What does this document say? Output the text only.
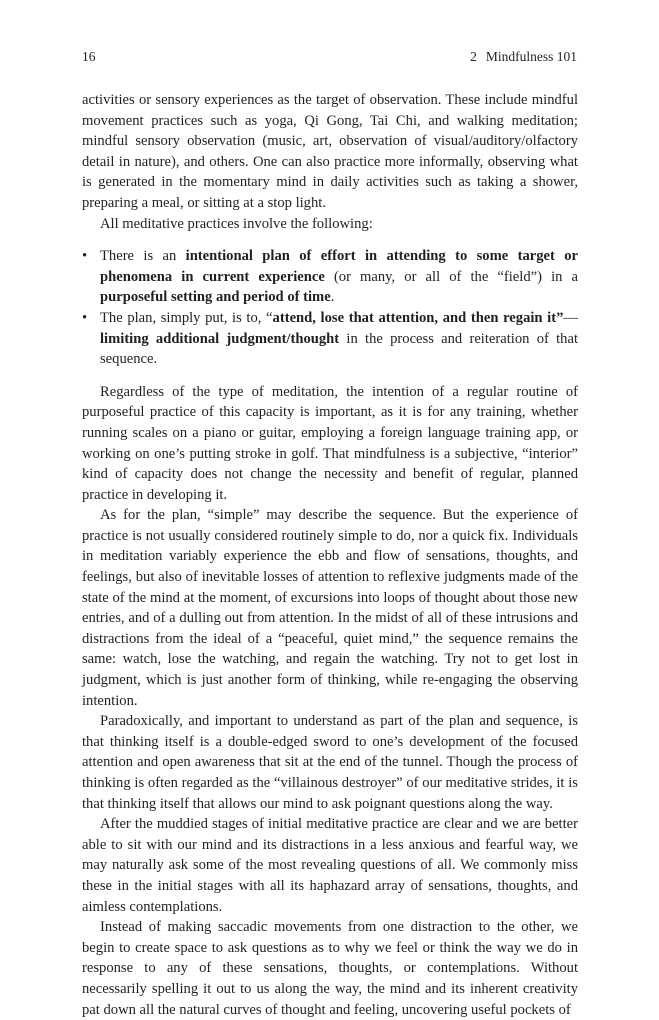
16	2 Mindfulness 101

activities or sensory experiences as the target of observation. These include mindful movement practices such as yoga, Qi Gong, Tai Chi, and walking meditation; mindful sensory observation (music, art, observation of visual/auditory/olfactory detail in nature), and others. One can also practice more informally, observing what is generated in the momentary mind in daily activities such as taking a shower, preparing a meal, or sitting at a stop light.

All meditative practices involve the following:

• There is an intentional plan of effort in attending to some target or phenomena in current experience (or many, or all of the “field”) in a purposeful setting and period of time.
• The plan, simply put, is to, “attend, lose that attention, and then regain it”—limiting additional judgment/thought in the process and reiteration of that sequence.

Regardless of the type of meditation, the intention of a regular routine of purposeful practice of this capacity is important, as it is for any training, whether running scales on a piano or guitar, employing a foreign language training app, or working on one’s putting stroke in golf. That mindfulness is a subjective, “interior” kind of capacity does not change the necessity and benefit of regular, planned practice in developing it.

As for the plan, “simple” may describe the sequence. But the experience of practice is not usually considered routinely simple to do, nor a quick fix. Individuals in meditation variably experience the ebb and flow of sensations, thoughts, and feelings, but also of inevitable losses of attention to reflexive judgments made of the state of the mind at the moment, of excursions into loops of thought about those new entries, and of a dulling out from attention. In the midst of all of these intrusions and distractions from the ideal of a “peaceful, quiet mind,” the sequence remains the same: watch, lose the watching, and regain the watching. Try not to get lost in judgment, which is just another form of thinking, while re-engaging the observing intention.

Paradoxically, and important to understand as part of the plan and sequence, is that thinking itself is a double-edged sword to one’s development of the focused attention and open awareness that sit at the end of the tunnel. Though the process of thinking is often regarded as the “villainous destroyer” of our meditative strides, it is that thinking itself that allows our mind to ask poignant questions along the way.

After the muddied stages of initial meditative practice are clear and we are better able to sit with our mind and its distractions in a less anxious and fearful way, we may naturally ask some of the most revealing questions of all. We commonly miss these in the initial stages with all its haphazard array of sensations, thoughts, and aimless contemplations.

Instead of making saccadic movements from one distraction to the other, we begin to create space to ask questions as to why we feel or think the way we do in response to any of these sensations, thoughts, or contemplations. Without necessarily spelling it out to us along the way, the mind and its inherent creativity pat down all the natural curves of thought and feeling, uncovering useful pockets of
